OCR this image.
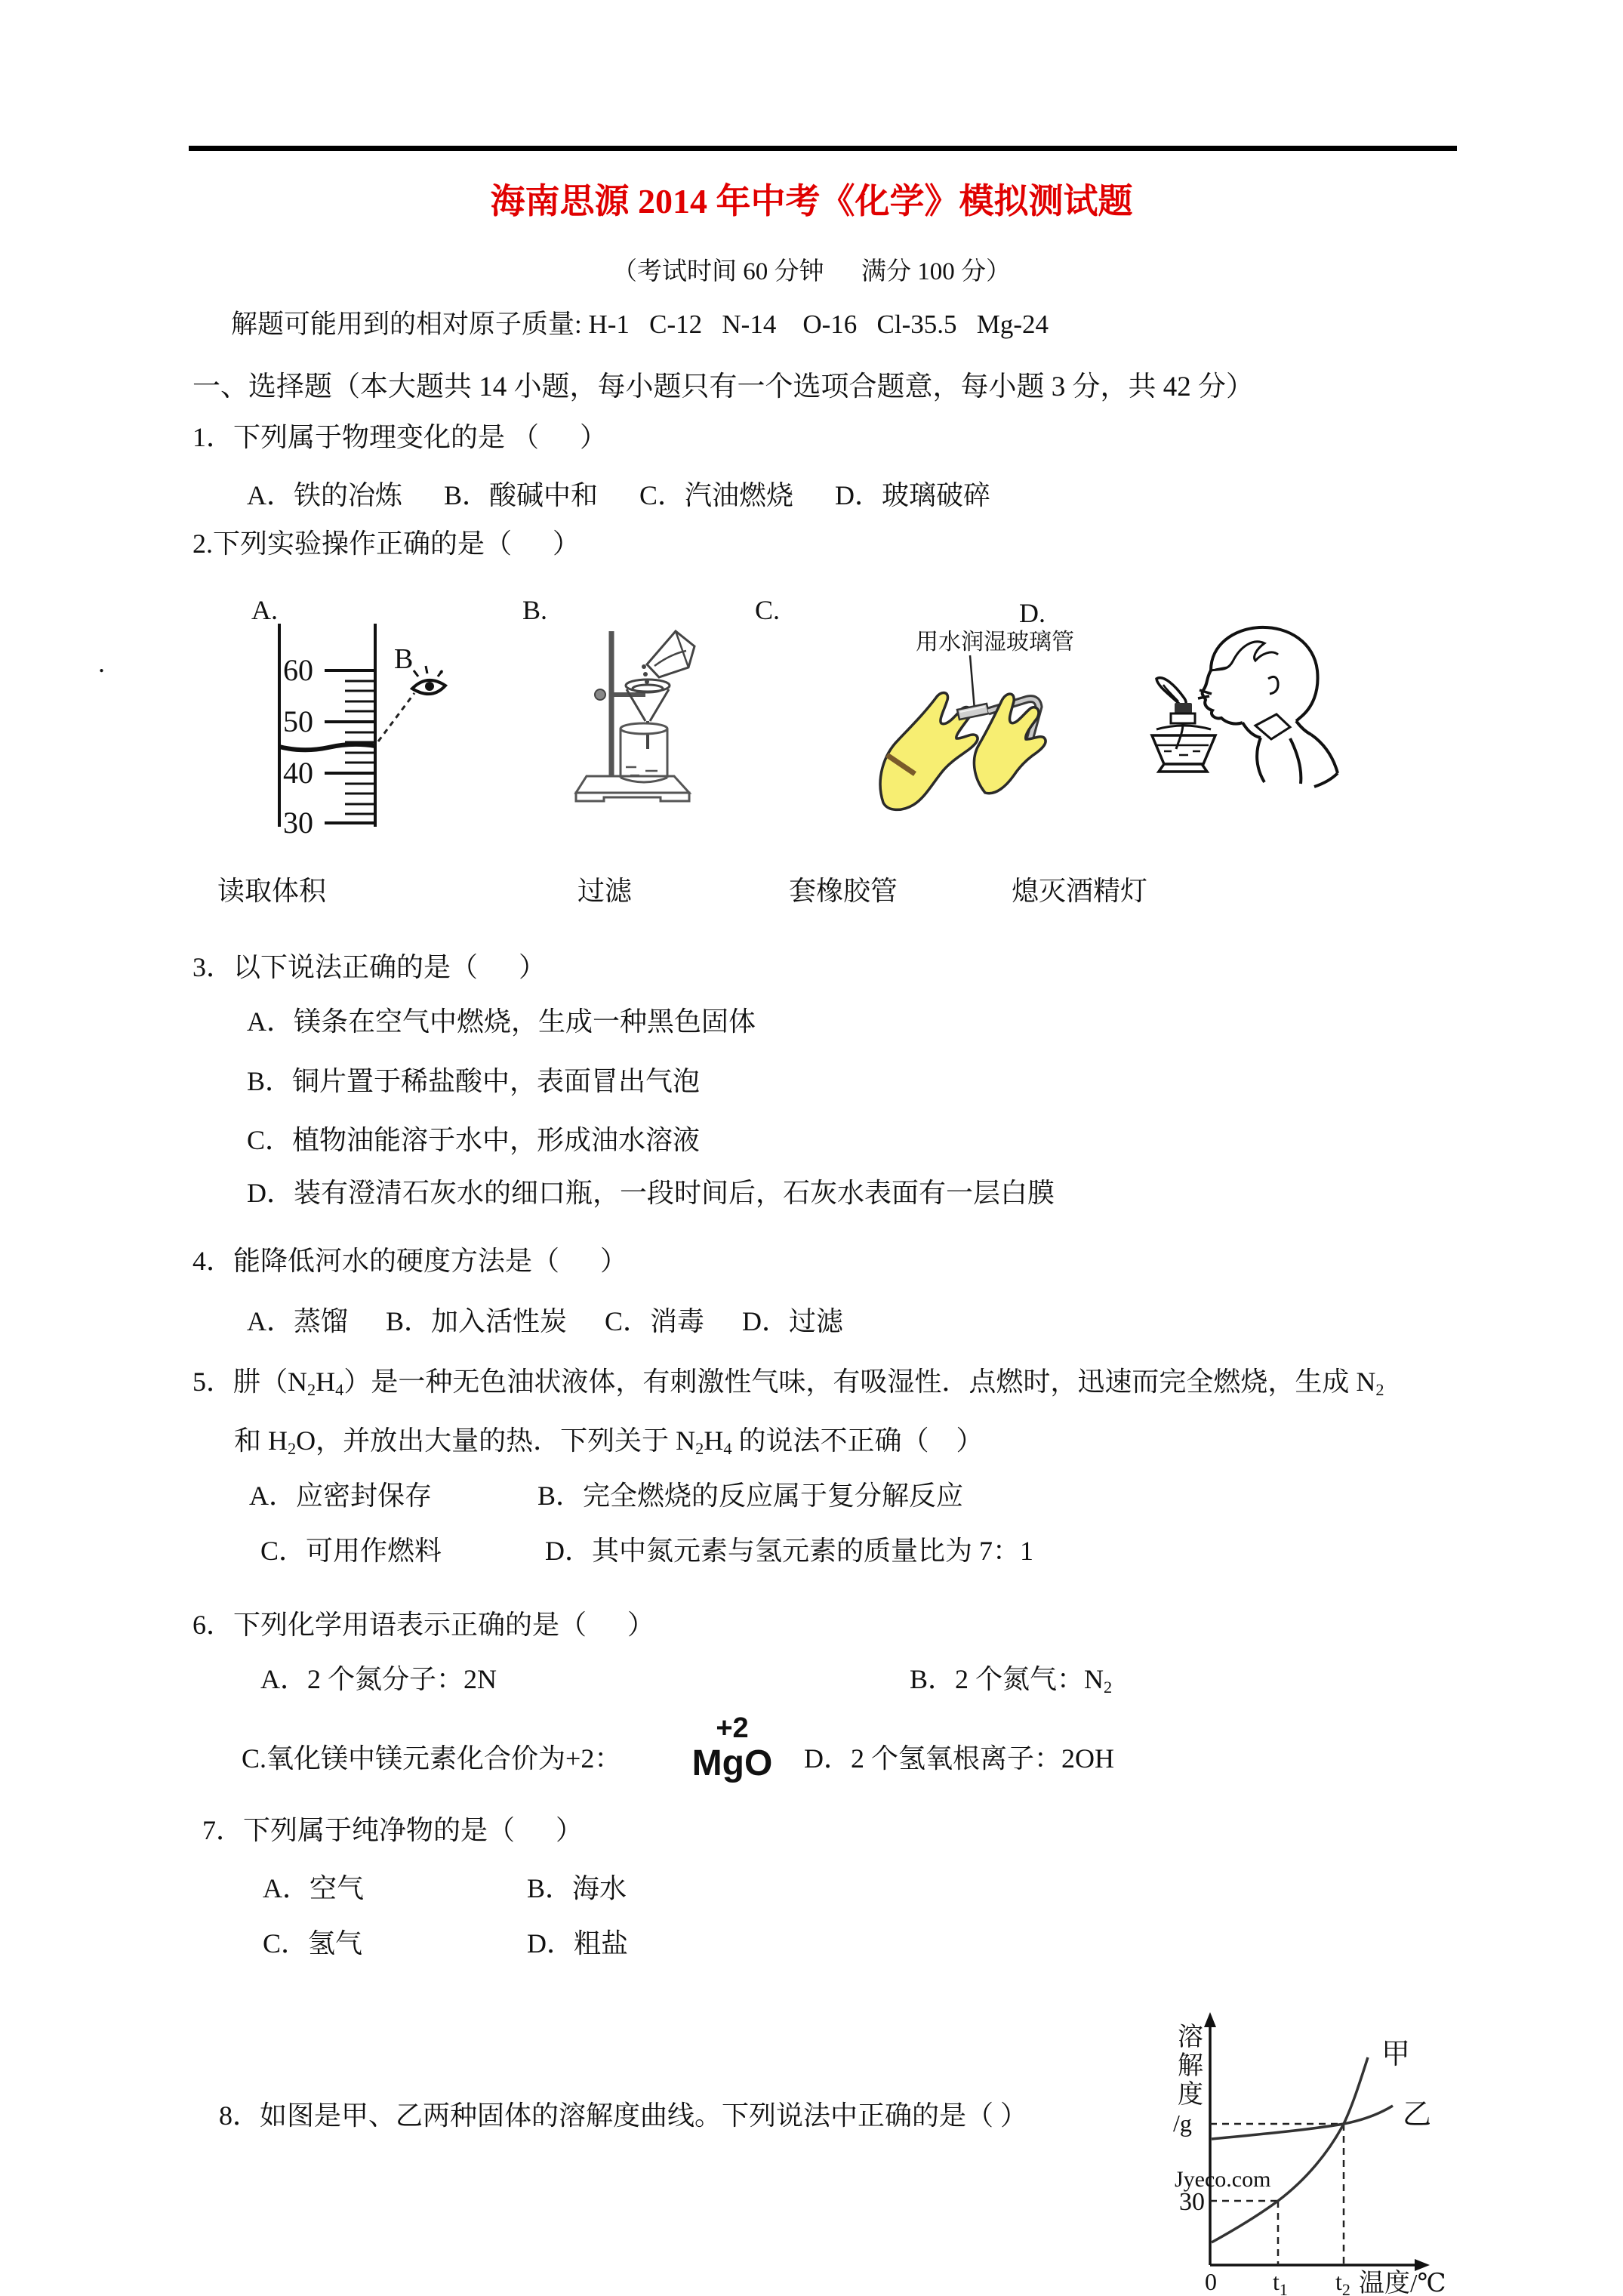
海南思源 2014 年中考《化学》模拟测试题
（考试时间 60 分钟      满分 100 分）
解题可能用到的相对原子质量: H-1   C-12   N-14    O-16   Cl-35.5   Mg-24
一、选择题（本大题共 14 小题，每小题只有一个选项合题意，每小题 3 分，共 42 分）
1．下列属于物理变化的是 （      ）
A．铁的冶炼 B．酸碱中和 C．汽油燃烧 D．玻璃破碎
2.下列实验操作正确的是（      ）
A.	B.	C.	D.
.	B .
60
50
40
30
用水润湿玻璃管
读取体积	过滤	套橡胶管	熄灭酒精灯
3．以下说法正确的是（      ）
A．镁条在空气中燃烧，生成一种黑色固体
B．铜片置于稀盐酸中，表面冒出气泡
C．植物油能溶于水中，形成油水溶液
D．装有澄清石灰水的细口瓶，一段时间后，石灰水表面有一层白膜
4．能降低河水的硬度方法是（      ）
A．蒸馏 B．加入活性炭 C．消毒 D．过滤
5．肼$(N_2H_4)$是一种无色油状液体，有刺激性气味，有吸湿性．点燃时，迅速而完全燃烧，生成 $N_2$
和 $H_2O$，并放出大量的热．下列关于 $N_2H_4$ 的说法不正确（    ）
A．应密封保存	B．完全燃烧的反应属于复分解反应
C．可用作燃料	D．其中氮元素与氢元素的质量比为 7：1
6．下列化学用语表示正确的是（      ）
A．2 个氮分子：2N	B．2 个氮气：$N_2$
C.氧化镁中镁元素化合价为+2：
+2
MgO	D．2 个氢氧根离子：2OH
7．下列属于纯净物的是（      ）
A．空气	B．海水
C．氢气	D．粗盐
8．如图是甲、乙两种固体的溶解度曲线。下列说法中正确的是（ ）
Jyeco.com
溶
解
度
/g
30
甲
乙
0 $t_1$ $t_2$ 温度/℃
